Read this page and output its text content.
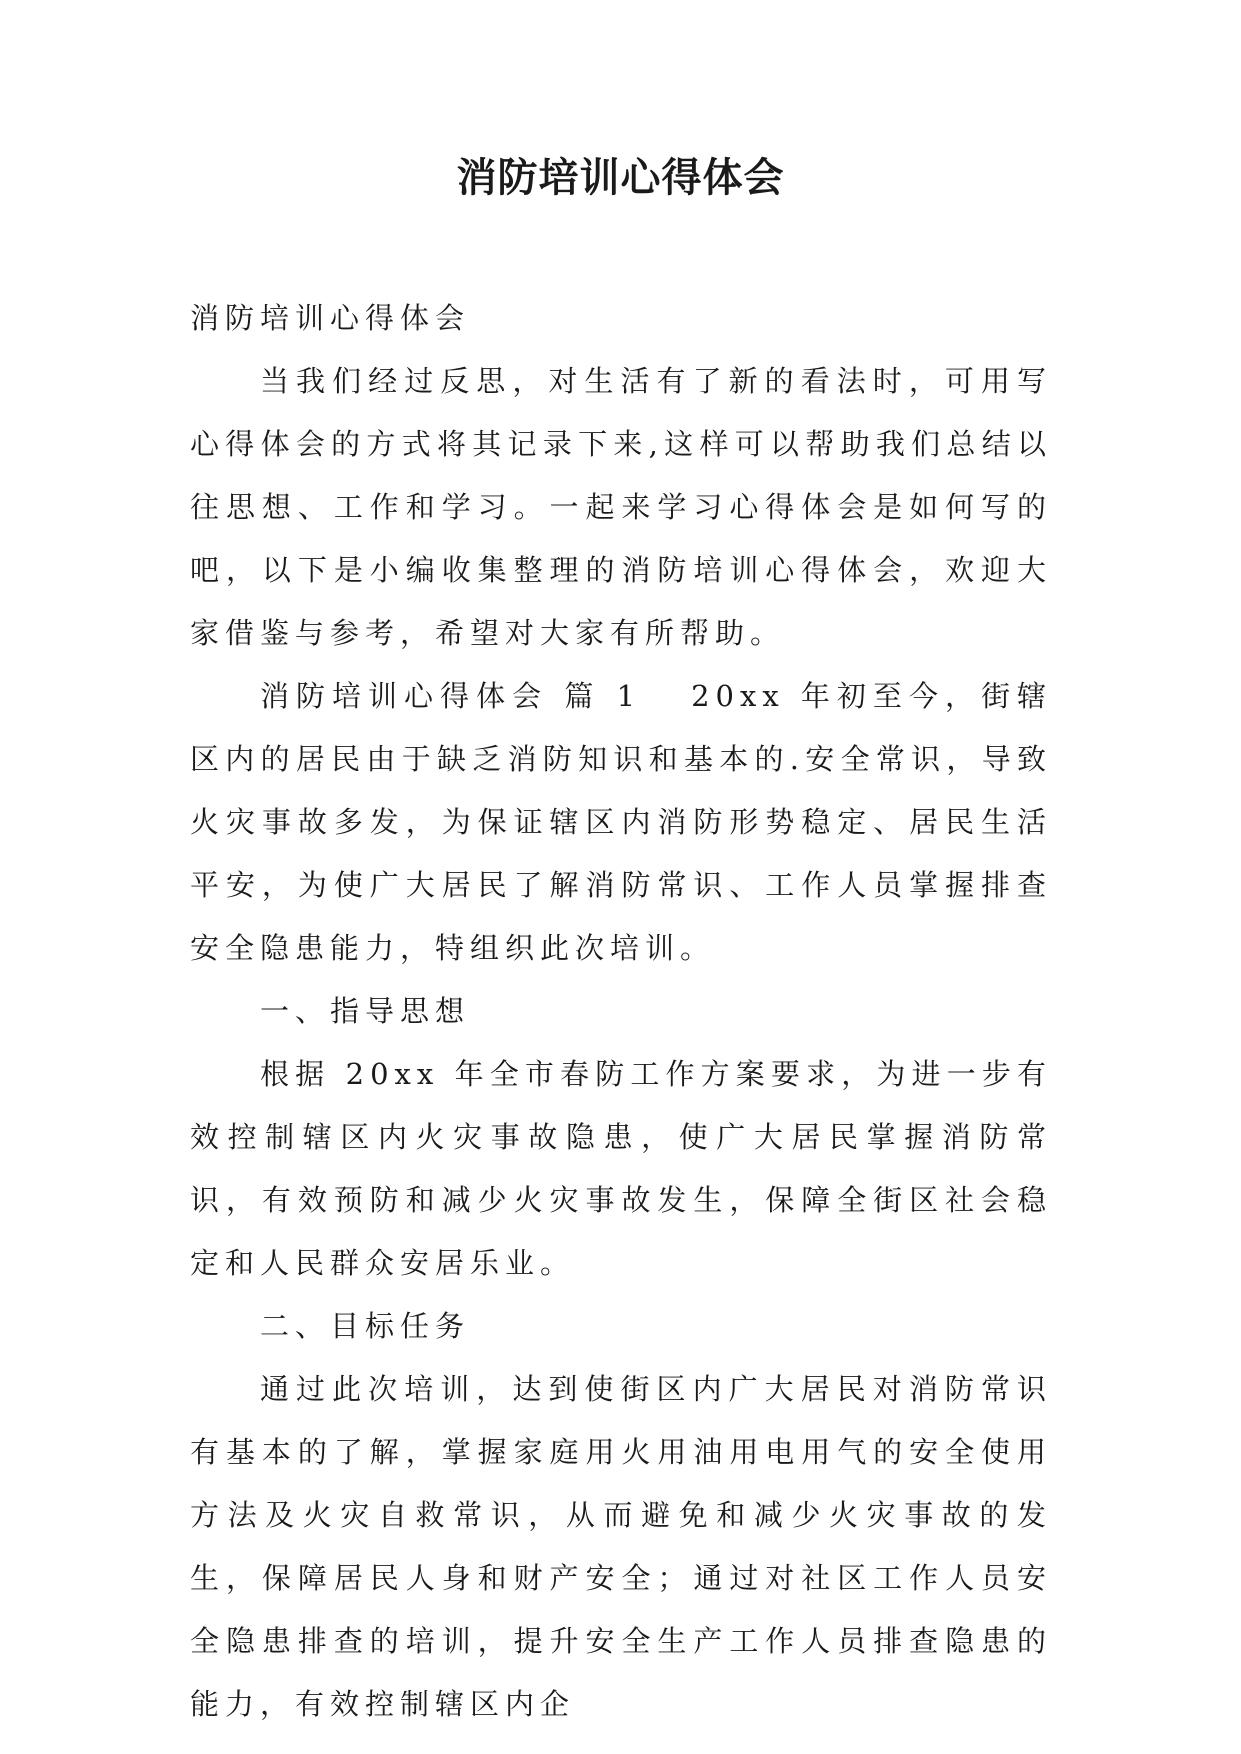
消防培训心得体会

消防培训心得体会

当我们经过反思，对生活有了新的看法时，可用写心得体会的方式将其记录下来,这样可以帮助我们总结以往思想、工作和学习。一起来学习心得体会是如何写的吧，以下是小编收集整理的消防培训心得体会，欢迎大家借鉴与参考，希望对大家有所帮助。

消防培训心得体会 篇 1 20xx 年初至今，街辖区内的居民由于缺乏消防知识和基本的.安全常识，导致火灾事故多发，为保证辖区内消防形势稳定、居民生活平安，为使广大居民了解消防常识、工作人员掌握排查安全隐患能力，特组织此次培训。

一、指导思想

根据 20xx 年全市春防工作方案要求，为进一步有效控制辖区内火灾事故隐患，使广大居民掌握消防常识，有效预防和减少火灾事故发生，保障全街区社会稳定和人民群众安居乐业。

二、目标任务

通过此次培训，达到使街区内广大居民对消防常识有基本的了解，掌握家庭用火用油用电用气的安全使用方法及火灾自救常识，从而避免和减少火灾事故的发生，保障居民人身和财产安全；通过对社区工作人员安全隐患排查的培训，提升安全生产工作人员排查隐患的能力，有效控制辖区内企
